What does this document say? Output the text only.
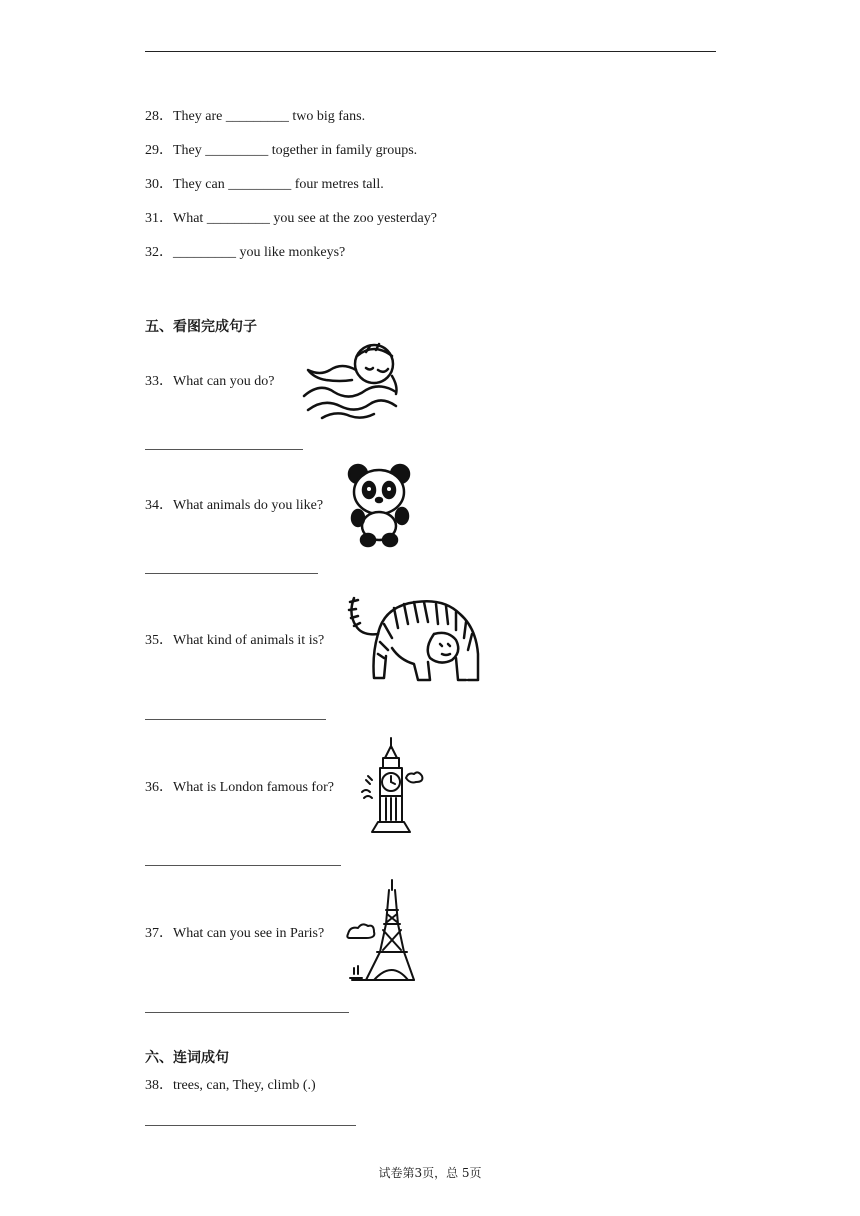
28．They are _________ two big fans.
29．They _________ together in family groups.
30．They can _________ four metres tall.
31．What _________ you see at the zoo yesterday?
32．_________ you like monkeys?
五、看图完成句子
33．What can you do?
34．What animals do you like?
35．What kind of animals it is?
36．What is London famous for?
37．What can you see in Paris?
六、连词成句
38．trees, can, They, climb (.)
试卷第3页，总 5页
